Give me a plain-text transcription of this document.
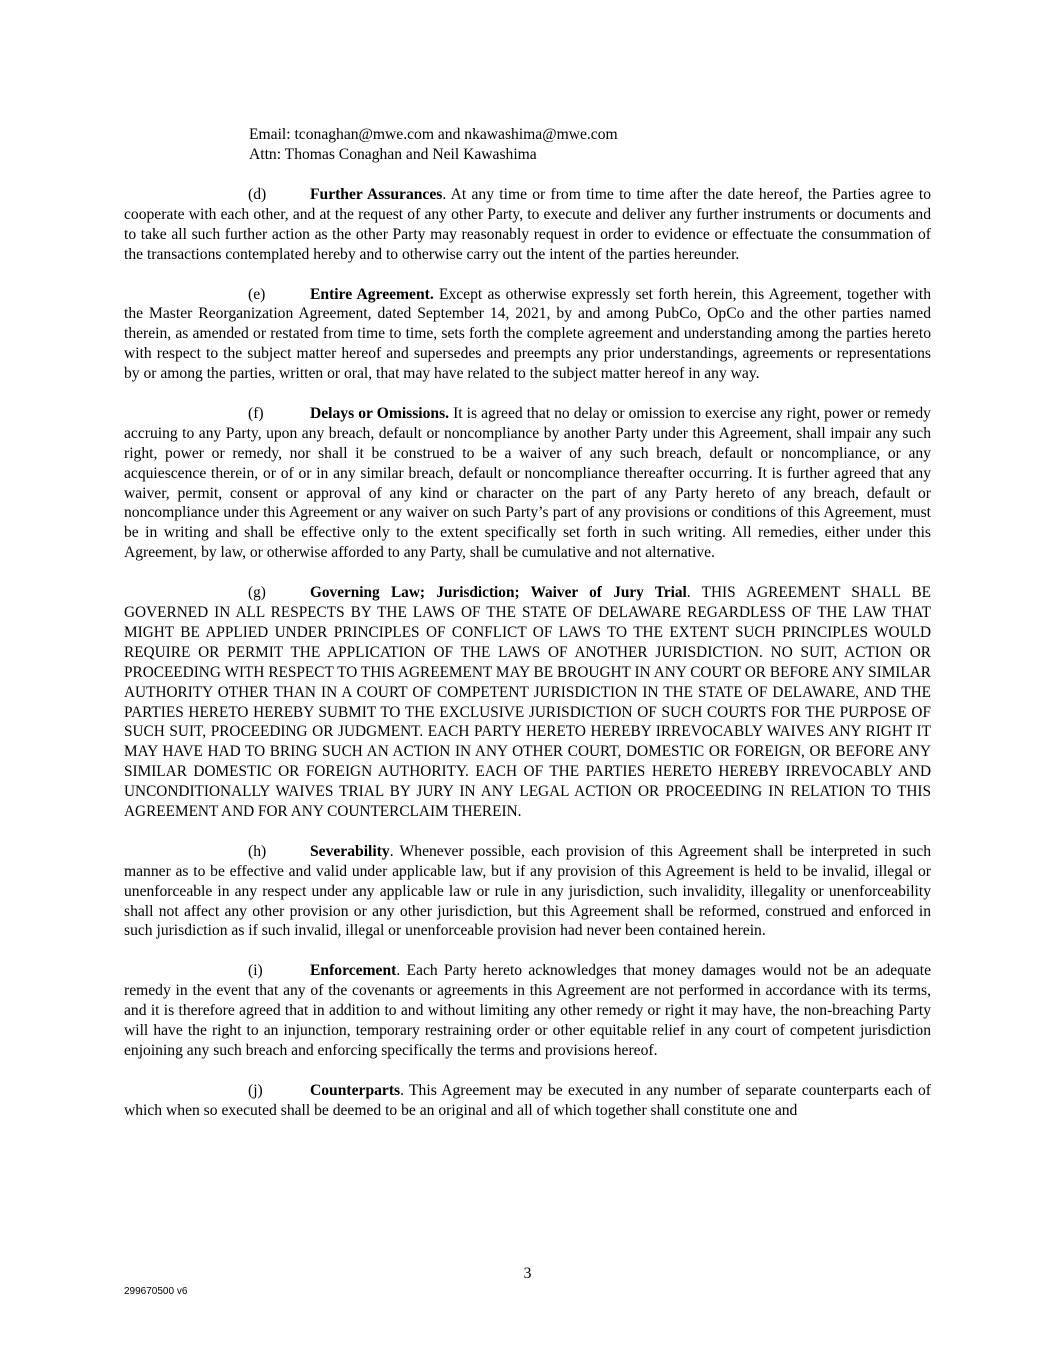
Email: tconaghan@mwe.com and nkawashima@mwe.com
Attn: Thomas Conaghan and Neil Kawashima

(d)	Further Assurances. At any time or from time to time after the date hereof, the Parties agree to cooperate with each other, and at the request of any other Party, to execute and deliver any further instruments or documents and to take all such further action as the other Party may reasonably request in order to evidence or effectuate the consummation of the transactions contemplated hereby and to otherwise carry out the intent of the parties hereunder.

(e)	Entire Agreement. Except as otherwise expressly set forth herein, this Agreement, together with the Master Reorganization Agreement, dated September 14, 2021, by and among PubCo, OpCo and the other parties named therein, as amended or restated from time to time, sets forth the complete agreement and understanding among the parties hereto with respect to the subject matter hereof and supersedes and preempts any prior understandings, agreements or representations by or among the parties, written or oral, that may have related to the subject matter hereof in any way.

(f)	Delays or Omissions. It is agreed that no delay or omission to exercise any right, power or remedy accruing to any Party, upon any breach, default or noncompliance by another Party under this Agreement, shall impair any such right, power or remedy, nor shall it be construed to be a waiver of any such breach, default or noncompliance, or any acquiescence therein, or of or in any similar breach, default or noncompliance thereafter occurring. It is further agreed that any waiver, permit, consent or approval of any kind or character on the part of any Party hereto of any breach, default or noncompliance under this Agreement or any waiver on such Party’s part of any provisions or conditions of this Agreement, must be in writing and shall be effective only to the extent specifically set forth in such writing. All remedies, either under this Agreement, by law, or otherwise afforded to any Party, shall be cumulative and not alternative.

(g)	Governing Law; Jurisdiction; Waiver of Jury Trial. THIS AGREEMENT SHALL BE GOVERNED IN ALL RESPECTS BY THE LAWS OF THE STATE OF DELAWARE REGARDLESS OF THE LAW THAT MIGHT BE APPLIED UNDER PRINCIPLES OF CONFLICT OF LAWS TO THE EXTENT SUCH PRINCIPLES WOULD REQUIRE OR PERMIT THE APPLICATION OF THE LAWS OF ANOTHER JURISDICTION. NO SUIT, ACTION OR PROCEEDING WITH RESPECT TO THIS AGREEMENT MAY BE BROUGHT IN ANY COURT OR BEFORE ANY SIMILAR AUTHORITY OTHER THAN IN A COURT OF COMPETENT JURISDICTION IN THE STATE OF DELAWARE, AND THE PARTIES HERETO HEREBY SUBMIT TO THE EXCLUSIVE JURISDICTION OF SUCH COURTS FOR THE PURPOSE OF SUCH SUIT, PROCEEDING OR JUDGMENT. EACH PARTY HERETO HEREBY IRREVOCABLY WAIVES ANY RIGHT IT MAY HAVE HAD TO BRING SUCH AN ACTION IN ANY OTHER COURT, DOMESTIC OR FOREIGN, OR BEFORE ANY SIMILAR DOMESTIC OR FOREIGN AUTHORITY. EACH OF THE PARTIES HERETO HEREBY IRREVOCABLY AND UNCONDITIONALLY WAIVES TRIAL BY JURY IN ANY LEGAL ACTION OR PROCEEDING IN RELATION TO THIS AGREEMENT AND FOR ANY COUNTERCLAIM THEREIN.

(h)	Severability. Whenever possible, each provision of this Agreement shall be interpreted in such manner as to be effective and valid under applicable law, but if any provision of this Agreement is held to be invalid, illegal or unenforceable in any respect under any applicable law or rule in any jurisdiction, such invalidity, illegality or unenforceability shall not affect any other provision or any other jurisdiction, but this Agreement shall be reformed, construed and enforced in such jurisdiction as if such invalid, illegal or unenforceable provision had never been contained herein.

(i)	Enforcement. Each Party hereto acknowledges that money damages would not be an adequate remedy in the event that any of the covenants or agreements in this Agreement are not performed in accordance with its terms, and it is therefore agreed that in addition to and without limiting any other remedy or right it may have, the non-breaching Party will have the right to an injunction, temporary restraining order or other equitable relief in any court of competent jurisdiction enjoining any such breach and enforcing specifically the terms and provisions hereof.

(j)	Counterparts. This Agreement may be executed in any number of separate counterparts each of which when so executed shall be deemed to be an original and all of which together shall constitute one and

3
299670500 v6
